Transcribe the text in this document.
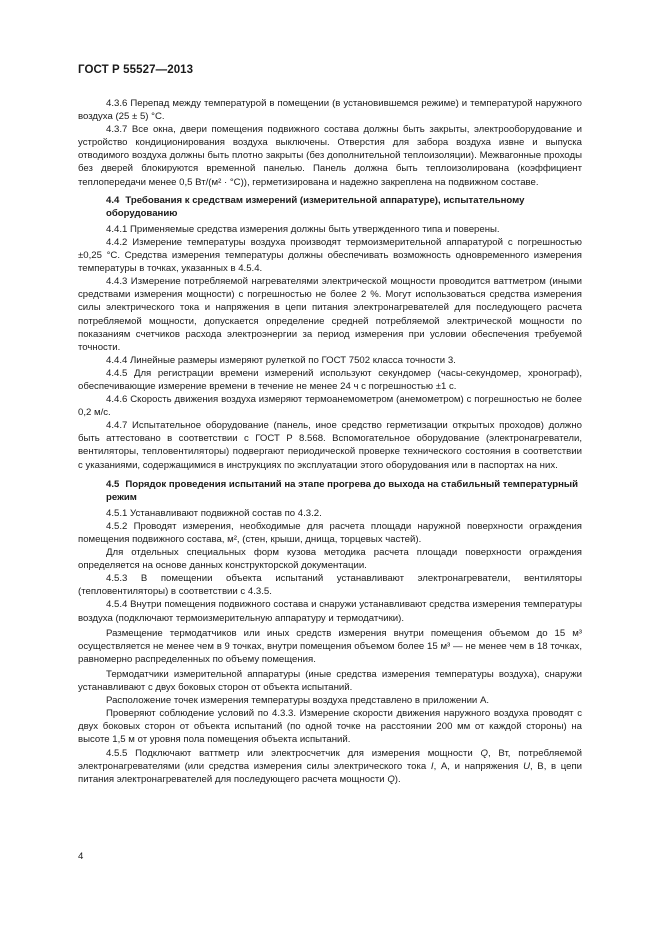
ГОСТ Р 55527—2013

4.3.6 Перепад между температурой в помещении (в установившемся режиме) и температурой наружного воздуха (25 ± 5) °С.

4.3.7 Все окна, двери помещения подвижного состава должны быть закрыты, электрооборудование и устройство кондиционирования воздуха выключены. Отверстия для забора воздуха извне и выпуска отводимого воздуха должны быть плотно закрыты (без дополнительной теплоизоляции). Межвагонные проходы без дверей блокируются временной панелью. Панель должна быть теплоизолирована (коэффициент теплопередачи менее 0,5 Вт/(м² · °С)), герметизирована и надежно закреплена на подвижном составе.

4.4 Требования к средствам измерений (измерительной аппаратуре), испытательному оборудованию

4.4.1 Применяемые средства измерения должны быть утвержденного типа и поверены.

4.4.2 Измерение температуры воздуха производят термоизмерительной аппаратурой с погрешностью ±0,25 °С. Средства измерения температуры должны обеспечивать возможность одновременного измерения температуры в точках, указанных в 4.5.4.

4.4.3 Измерение потребляемой нагревателями электрической мощности проводится ваттметром (иными средствами измерения мощности) с погрешностью не более 2 %. Могут использоваться средства измерения силы электрического тока и напряжения в цепи питания электронагревателей для последующего расчета потребляемой мощности, допускается определение средней потребляемой электрической мощности по показаниям счетчиков расхода электроэнергии за период измерения при условии обеспечения требуемой точности.

4.4.4 Линейные размеры измеряют рулеткой по ГОСТ 7502 класса точности 3.

4.4.5 Для регистрации времени измерений используют секундомер (часы-секундомер, хронограф), обеспечивающие измерение времени в течение не менее 24 ч с погрешностью ±1 с.

4.4.6 Скорость движения воздуха измеряют термоанемометром (анемометром) с погрешностью не более 0,2 м/с.

4.4.7 Испытательное оборудование (панель, иное средство герметизации открытых проходов) должно быть аттестовано в соответствии с ГОСТ Р 8.568. Вспомогательное оборудование (электронагреватели, вентиляторы, тепловентиляторы) подвергают периодической проверке технического состояния в соответствии с указаниями, содержащимися в инструкциях по эксплуатации этого оборудования или в паспортах на них.

4.5 Порядок проведения испытаний на этапе прогрева до выхода на стабильный температурный режим

4.5.1 Устанавливают подвижной состав по 4.3.2.

4.5.2 Проводят измерения, необходимые для расчета площади наружной поверхности ограждения помещения подвижного состава, м², (стен, крыши, днища, торцевых частей).

Для отдельных специальных форм кузова методика расчета площади поверхности ограждения определяется на основе данных конструкторской документации.

4.5.3 В помещении объекта испытаний устанавливают электронагреватели, вентиляторы (тепловентиляторы) в соответствии с 4.3.5.

4.5.4 Внутри помещения подвижного состава и снаружи устанавливают средства измерения температуры воздуха (подключают термоизмерительную аппаратуру и термодатчики).

Размещение термодатчиков или иных средств измерения внутри помещения объемом до 15 м³ осуществляется не менее чем в 9 точках, внутри помещения объемом более 15 м³ — не менее чем в 18 точках, равномерно распределенных по объему помещения.

Термодатчики измерительной аппаратуры (иные средства измерения температуры воздуха), снаружи устанавливают с двух боковых сторон от объекта испытаний.

Расположение точек измерения температуры воздуха представлено в приложении А.

Проверяют соблюдение условий по 4.3.3. Измерение скорости движения наружного воздуха проводят с двух боковых сторон от объекта испытаний (по одной точке на расстоянии 200 мм от каждой стороны) на высоте 1,5 м от уровня пола помещения объекта испытаний.

4.5.5 Подключают ваттметр или электросчетчик для измерения мощности Q, Вт, потребляемой электронагревателями (или средства измерения силы электрического тока I, А, и напряжения U, В, в цепи питания электронагревателей для последующего расчета мощности Q).

4
